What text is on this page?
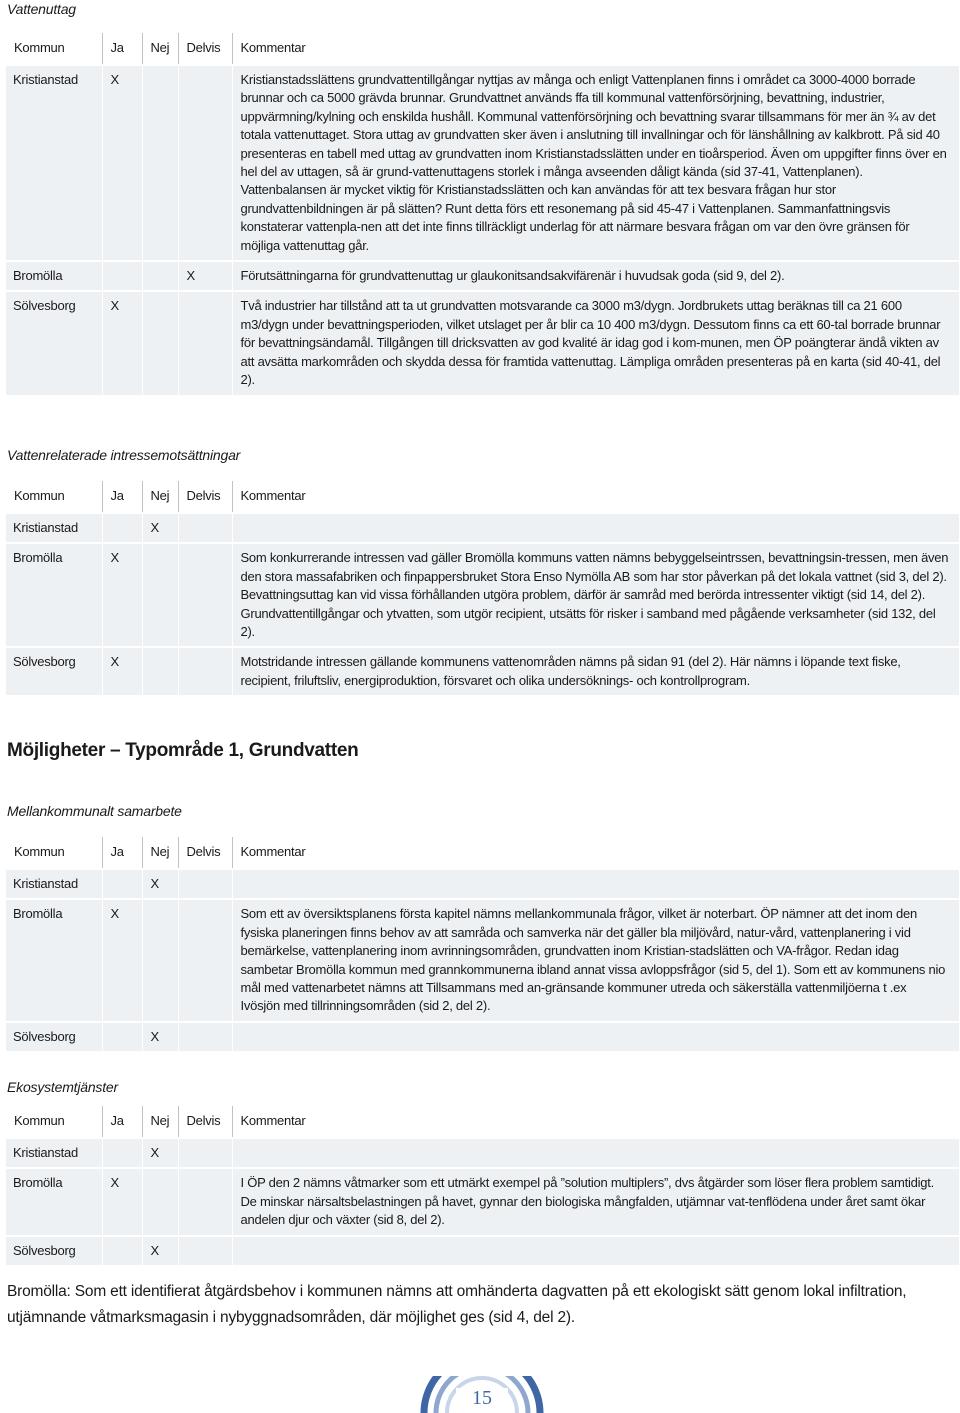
Vattenuttag
Kommun	Ja	Nej	Delvis	Kommentar
Kristianstad	X			Kristianstadsslättens grundvattentillgångar nyttjas av många och enligt Vattenplanen finns i området ca 3000-4000 borrade brunnar och ca 5000 grävda brunnar. Grundvattnet används ffa till kommunal vattenförsörjning, bevattning, industrier, uppvärmning/kylning och enskilda hushåll. Kommunal vattenförsörjning och bevattning svarar tillsammans för mer än ¾ av det totala vattenuttaget. Stora uttag av grundvatten sker även i anslutning till invallningar och för länshållning av kalkbrott. På sid 40 presenteras en tabell med uttag av grundvatten inom Kristianstadsslätten under en tioårsperiod. Även om uppgifter finns över en hel del av uttagen, så är grund-vattenuttagens storlek i många avseenden dåligt kända (sid 37-41, Vattenplanen). Vattenbalansen är mycket viktig för Kristianstadsslätten och kan användas för att tex besvara frågan hur stor grundvattenbildningen är på slätten? Runt detta förs ett resonemang på sid 45-47 i Vattenplanen. Sammanfattningsvis konstaterar vattenpla-nen att det inte finns tillräckligt underlag för att närmare besvara frågan om var den övre gränsen för möjliga vattenuttag går.
Bromölla			X	Förutsättningarna för grundvattenuttag ur glaukonitsandsakvifärenär i huvudsak goda (sid 9, del 2).
Sölvesborg	X			Två industrier har tillstånd att ta ut grundvatten motsvarande ca 3000 m3/dygn. Jordbrukets uttag beräknas till ca 21 600 m3/dygn under bevattningsperioden, vilket utslaget per år blir ca 10 400 m3/dygn. Dessutom finns ca ett 60-tal borrade brunnar för bevattningsändamål. Tillgången till dricksvatten av god kvalité är idag god i kom-munen, men ÖP poängterar ändå vikten av att avsätta markområden och skydda dessa för framtida vattenuttag. Lämpliga områden presenteras på en karta (sid 40-41, del 2).
Vattenrelaterade intressemotsättningar
Kommun	Ja	Nej	Delvis	Kommentar
Kristianstad		X		
Bromölla	X			Som konkurrerande intressen vad gäller Bromölla kommuns vatten nämns bebyggelseintrssen, bevattningsin-tressen, men även den stora massafabriken och finpappersbruket Stora Enso Nymölla AB som har stor påverkan på det lokala vattnet (sid 3, del 2). Bevattningsuttag kan vid vissa förhållanden utgöra problem, därför är samråd med berörda intressenter viktigt (sid 14, del 2). Grundvattentillgångar och ytvatten, som utgör recipient, utsätts för risker i samband med pågående verksamheter (sid 132, del 2).
Sölvesborg	X			Motstridande intressen gällande kommunens vattenområden nämns på sidan 91 (del 2). Här nämns i löpande text fiske, recipient, friluftsliv, energiproduktion, försvaret och olika undersöknings- och kontrollprogram.
Möjligheter – Typområde 1, Grundvatten
Mellankommunalt samarbete
Kommun	Ja	Nej	Delvis	Kommentar
Kristianstad		X		
Bromölla	X			Som ett av översiktsplanens första kapitel nämns mellankommunala frågor, vilket är noterbart. ÖP nämner att det inom den fysiska planeringen finns behov av att samråda och samverka när det gäller bla miljövård, natur-vård, vattenplanering i vid bemärkelse, vattenplanering inom avrinningsområden, grundvatten inom Kristian-stadslätten och VA-frågor. Redan idag sambetar Bromölla kommun med grannkommunerna ibland annat vissa avloppsfrågor (sid 5, del 1). Som ett av kommunens nio mål med vattenarbetet nämns att Tillsammans med an-gränsande kommuner utreda och säkerställa vattenmiljöerna t .ex Ivösjön med tillrinningsområden (sid 2, del 2).
Sölvesborg		X		
Ekosystemtjänster
Kommun	Ja	Nej	Delvis	Kommentar
Kristianstad		X		
Bromölla	X			I ÖP den 2 nämns våtmarker som ett utmärkt exempel på ”solution multiplers”, dvs åtgärder som löser flera problem samtidigt. De minskar närsaltsbelastningen på havet, gynnar den biologiska mångfalden, utjämnar vat-tenflödena under året samt ökar andelen djur och växter (sid 8, del 2).
Sölvesborg		X		
Bromölla: Som ett identifierat åtgärdsbehov i kommunen nämns att omhänderta dagvatten på ett ekologiskt sätt genom lokal infiltration, utjämnande våtmarksmagasin i nybyggnadsområden, där möjlighet ges (sid 4, del 2).
15
